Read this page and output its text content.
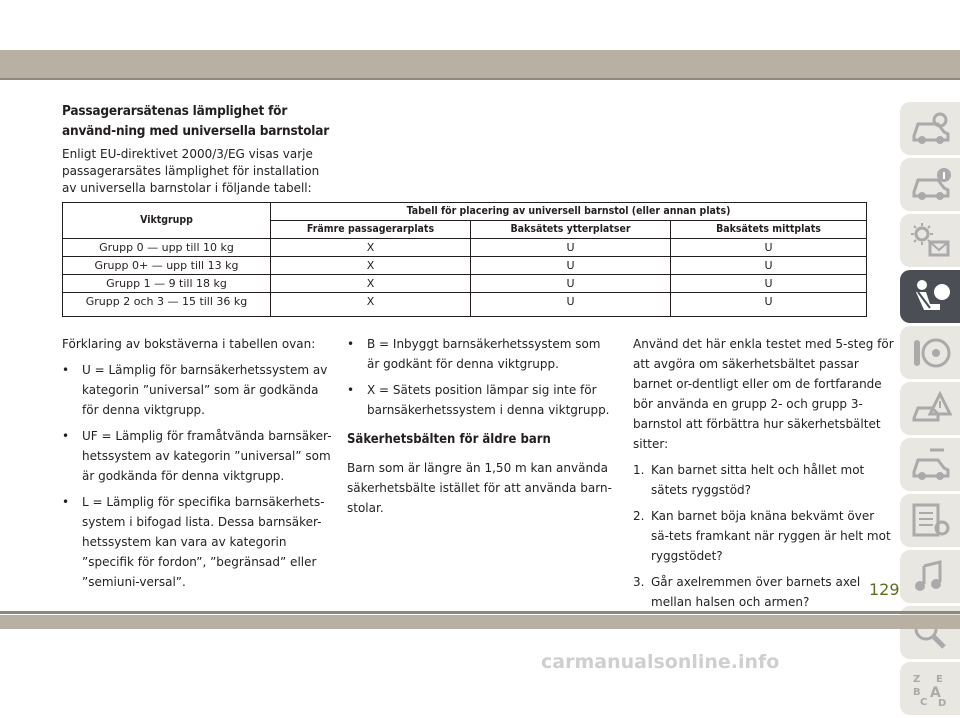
Passagerarsätenas lämplighet för använd-ning med universella barnstolar
Enligt EU-direktivet 2000/3/EG visas varje passagerarsätes lämplighet för installation av universella barnstolar i följande tabell:
Viktgrupp	Tabell för placering av universell barnstol (eller annan plats)		
	Främre passagerarplats	Baksätets ytterplatser	Baksätets mittplats
Grupp 0 — upp till 10 kg	X	U	U
Grupp 0+ — upp till 13 kg	X	U	U
Grupp 1 — 9 till 18 kg	X	U	U
Grupp 2 och 3 — 15 till 36 kg	X	U	U

Förklaring av bokstäverna i tabellen ovan:

• U = Lämplig för barnsäkerhetssystem av kategorin ”universal” som är godkända för denna viktgrupp.
• UF = Lämplig för framåtvända barnsäker-hetssystem av kategorin ”universal” som är godkända för denna viktgrupp.
• L = Lämplig för specifika barnsäkerhets-system i bifogad lista. Dessa barnsäker-hetssystem kan vara av kategorin ”specifik för fordon”, ”begränsad” eller ”semiuni-versal”.
• B = Inbyggt barnsäkerhetssystem som är godkänt för denna viktgrupp.
• X = Sätets position lämpar sig inte för barnsäkerhetssystem i denna viktgrupp.
Säkerhetsbälten för äldre barn

Barn som är längre än 1,50 m kan använda säkerhetsbälte istället för att använda barn-stolar.

Använd det här enkla testet med 5-steg för att avgöra om säkerhetsbältet passar barnet or-dentligt eller om de fortfarande bör använda en grupp 2- och grupp 3-barnstol att förbättra hur säkerhetsbältet sitter:

1. Kan barnet sitta helt och hållet mot sätets ryggstöd?
2. Kan barnet böja knäna bekvämt över sä-tets framkant när ryggen är helt mot ryggstödet?
3. Går axelremmen över barnets axel mellan halsen och armen?
Z E
B A
C D
129
carmanualsonline.info
